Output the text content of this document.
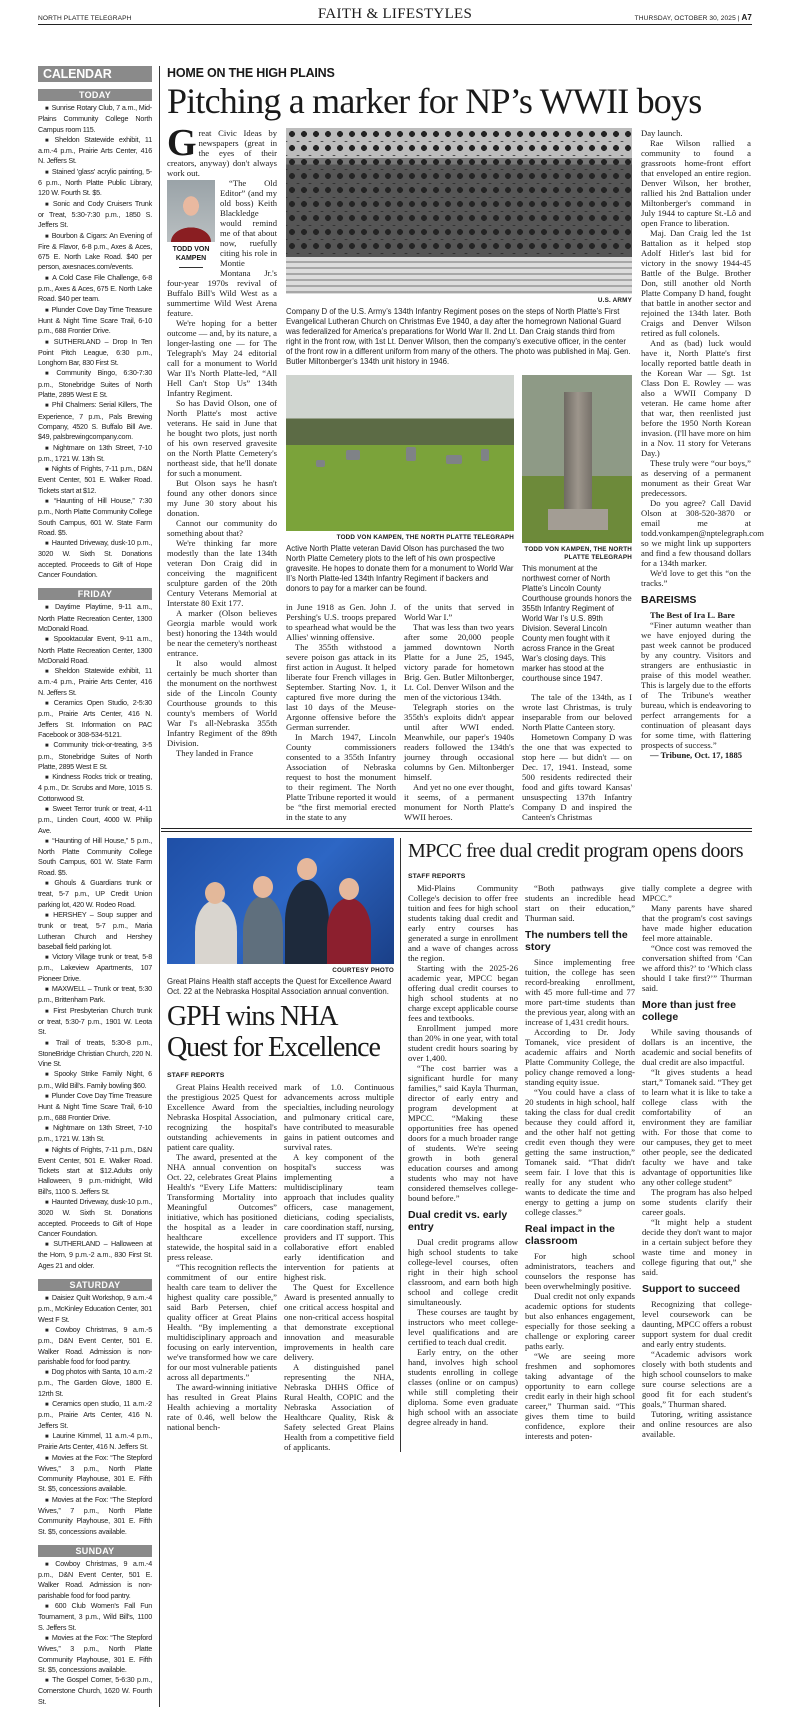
NORTH PLATTE TELEGRAPH	FAITH & LIFESTYLES	THURSDAY, OCTOBER 30, 2025 | A7
CALENDAR
TODAY

■ Sunrise Rotary Club, 7 a.m., Mid-Plains Community College North Campus room 115.

■ Sheldon Statewide exhibit, 11 a.m.-4 p.m., Prairie Arts Center, 416 N. Jeffers St.

■ Stained 'glass' acrylic painting, 5-6 p.m., North Platte Public Library, 120 W. Fourth St. $5.

■ Sonic and Cody Cruisers Trunk or Treat, 5:30-7:30 p.m., 1850 S. Jeffers St.

■ Bourbon & Cigars: An Evening of Fire & Flavor, 6-8 p.m., Axes & Aces, 675 E. North Lake Road. $40 per person, axesnaces.com/events.

■ A Cold Case File Challenge, 6-8 p.m., Axes & Aces, 675 E. North Lake Road. $40 per team.

■ Plunder Cove Day Time Treasure Hunt & Night Time Scare Trail, 6-10 p.m., 688 Frontier Drive.

■ SUTHERLAND – Drop In Ten Point Pitch League, 6:30 p.m., Longhorn Bar, 830 First St.

■ Community Bingo, 6:30-7:30 p.m., Stonebridge Suites of North Platte, 2895 West E St.

■ Phil Chalmers: Serial Killers, The Experience, 7 p.m., Pals Brewing Company, 4520 S. Buffalo Bill Ave. $49, palsbrewingcompany.com.

■ Nightmare on 13th Street, 7-10 p.m., 1721 W. 13th St.

■ Nights of Frights, 7-11 p.m., D&N Event Center, 501 E. Walker Road. Tickets start at $12.

■ “Haunting of Hill House,” 7:30 p.m., North Platte Community College South Campus, 601 W. State Farm Road. $5.

■ Haunted Driveway, dusk-10 p.m., 3020 W. Sixth St. Donations accepted. Proceeds to Gift of Hope Cancer Foundation.

FRIDAY

■ Daytime Playtime, 9-11 a.m., North Platte Recreation Center, 1300 McDonald Road.

■ Spooktacular Event, 9-11 a.m., North Platte Recreation Center, 1300 McDonald Road.

■ Sheldon Statewide exhibit, 11 a.m.-4 p.m., Prairie Arts Center, 416 N. Jeffers St.

■ Ceramics Open Studio, 2-5:30 p.m., Prairie Arts Center, 416 N. Jeffers St. Information on PAC Facebook or 308-534-5121.

■ Community trick-or-treating, 3-5 p.m., Stonebridge Suites of North Platte, 2895 West E St.

■ Kindness Rocks trick or treating, 4 p.m., Dr. Scrubs and More, 1015 S. Cottonwood St.

■ Sweet Terror trunk or treat, 4-11 p.m., Linden Court, 4000 W. Philip Ave.

■ “Haunting of Hill House,” 5 p.m., North Platte Community College South Campus, 601 W. State Farm Road. $5.

■ Ghouls & Guardians trunk or treat, 5-7 p.m., UP Credit Union parking lot, 420 W. Rodeo Road.

■ HERSHEY – Soup supper and trunk or treat, 5-7 p.m., Maria Lutheran Church and Hershey baseball field parking lot.

■ Victory Village trunk or treat, 5-8 p.m., Lakeview Apartments, 107 Pioneer Drive.

■ MAXWELL – Trunk or treat, 5:30 p.m., Brittenham Park.

■ First Presbyterian Church trunk or treat, 5:30-7 p.m., 1901 W. Leota St.

■ Trail of treats, 5:30-8 p.m., StoneBridge Christian Church, 220 N. Vine St.

■ Spooky Strike Family Night, 6 p.m., Wild Bill's. Family bowling $60.

■ Plunder Cove Day Time Treasure Hunt & Night Time Scare Trail, 6-10 p.m., 688 Frontier Drive.

■ Nightmare on 13th Street, 7-10 p.m., 1721 W. 13th St.

■ Nights of Frights, 7-11 p.m., D&N Event Center, 501 E. Walker Road. Tickets start at $12.Adults only Halloween, 9 p.m.-midnight, Wild Bill's, 1100 S. Jeffers St.

■ Haunted Driveway, dusk-10 p.m., 3020 W. Sixth St. Donations accepted. Proceeds to Gift of Hope Cancer Foundation.

■ SUTHERLAND – Halloween at the Horn, 9 p.m.-2 a.m., 830 First St. Ages 21 and older.

SATURDAY

■ Daisiez Quilt Workshop, 9 a.m.-4 p.m., McKinley Education Center, 301 West F St.

■ Cowboy Christmas, 9 a.m.-5 p.m., D&N Event Center, 501 E. Walker Road. Admission is non-parishable food for food pantry.

■ Dog photos with Santa, 10 a.m.-2 p.m., The Garden Glove, 1800 E. 12rth St.

■ Ceramics open studio, 11 a.m.-2 p.m., Prairie Arts Center, 416 N. Jeffers St.

■ Laurine Kimmel, 11 a.m.-4 p.m., Prairie Arts Center, 416 N. Jeffers St.

■ Movies at the Fox: “The Stepford Wives,” 3 p.m., North Platte Community Playhouse, 301 E. Fifth St. $5, concessions available.

■ Movies at the Fox: “The Stepford Wives,” 7 p.m., North Platte Community Playhouse, 301 E. Fifth St. $5, concessions available.

SUNDAY

■ Cowboy Christmas, 9 a.m.-4 p.m., D&N Event Center, 501 E. Walker Road. Admission is non-parishable food for food pantry.

■ 600 Club Women's Fall Fun Tournament, 3 p.m., Wild Bill's, 1100 S. Jeffers St.

■ Movies at the Fox: “The Stepford Wives,” 3 p.m., North Platte Community Playhouse, 301 E. Fifth St. $5, concessions available.

■ The Gospel Corner, 5-6:30 p.m., Cornerstone Church, 1620 W. Fourth St.

HOME ON THE HIGH PLAINS
Pitching a marker for NP’s WWII boys

Great Civic Ideas by newspapers (great in the eyes of their creators, anyway) don't always work out.

TODD VON KAMPEN

“The Old Editor” (and my old boss) Keith Blackledge would remind me of that about now, ruefully citing his role in Montie Montana Jr.'s four-year 1970s revival of Buffalo Bill's Wild West as a summertime Wild West Arena feature.

We're hoping for a better outcome — and, by its nature, a longer-lasting one — for The Telegraph's May 24 editorial call for a monument to World War II's North Platte-led, “All Hell Can't Stop Us” 134th Infantry Regiment.

So has David Olson, one of North Platte's most active veterans. He said in June that he bought two plots, just north of his own reserved gravesite on the North Platte Cemetery's northeast side, that he'll donate for such a monument.

But Olson says he hasn't found any other donors since my June 30 story about his donation.

Cannot our community do something about that?

We're thinking far more modestly than the late 134th veteran Don Craig did in conceiving the magnificent sculpture garden of the 20th Century Veterans Memorial at Interstate 80 Exit 177.

A marker (Olson believes Georgia marble would work best) honoring the 134th would be near the cemetery's northeast entrance.

It also would almost certainly be much shorter than the monument on the northwest side of the Lincoln County Courthouse grounds to this county's members of World War I's all-Nebraska 355th Infantry Regiment of the 89th Division.

They landed in France

U.S. ARMY
Company D of the U.S. Army’s 134th Infantry Regiment poses on the steps of North Platte’s First Evangelical Lutheran Church on Christmas Eve 1940, a day after the homegrown National Guard was federalized for America’s preparations for World War II. 2nd Lt. Dan Craig stands third from right in the front row, with 1st Lt. Denver Wilson, then the company’s executive officer, in the center of the front row in a different uniform from many of the others. The photo was published in Maj. Gen. Butler Miltonberger’s 134th unit history in 1946.
TODD VON KAMPEN, THE NORTH PLATTE TELEGRAPH
Active North Platte veteran David Olson has purchased the two North Platte Cemetery plots to the left of his own prospective gravesite. He hopes to donate them for a monument to World War II’s North Platte-led 134th Infantry Regiment if backers and donors to pay for a marker can be found.

in June 1918 as Gen. John J. Pershing's U.S. troops prepared to spearhead what would be the Allies' winning offensive.

The 355th withstood a severe poison gas attack in its first action in August. It helped liberate four French villages in September. Starting Nov. 1, it captured five more during the last 10 days of the Meuse-Argonne offensive before the German surrender.

In March 1947, Lincoln County commissioners consented to a 355th Infantry Association of Nebraska request to host the monument to their regiment. The North Platte Tribune reported it would be “the first memorial erected in the state to any

of the units that served in World War I.”

That was less than two years after some 20,000 people jammed downtown North Platte for a June 25, 1945, victory parade for hometown Brig. Gen. Butler Miltonberger, Lt. Col. Denver Wilson and the men of the victorious 134th.

Telegraph stories on the 355th's exploits didn't appear until after WWI ended. Meanwhile, our paper's 1940s readers followed the 134th's journey through occasional columns by Gen. Miltonberger himself.

And yet no one ever thought, it seems, of a permanent monument for North Platte's WWII heroes.

TODD VON KAMPEN, THE NORTH PLATTE TELEGRAPH
This monument at the northwest corner of North Platte’s Lincoln County Courthouse grounds honors the 355th Infantry Regiment of World War I’s U.S. 89th Division. Several Lincoln County men fought with it across France in the Great War’s closing days. This marker has stood at the courthouse since 1947.

The tale of the 134th, as I wrote last Christmas, is truly inseparable from our beloved North Platte Canteen story.

Hometown Company D was the one that was expected to stop here — but didn't — on Dec. 17, 1941. Instead, some 500 residents redirected their food and gifts toward Kansas' unsuspecting 137th Infantry Company D and inspired the Canteen's Christmas

Day launch.

Rae Wilson rallied a community to found a grassroots home-front effort that enveloped an entire region. Denver Wilson, her brother, rallied his 2nd Battalion under Miltonberger's command in July 1944 to capture St.-Lô and open France to liberation.

Maj. Dan Craig led the 1st Battalion as it helped stop Adolf Hitler's last bid for victory in the snowy 1944-45 Battle of the Bulge. Brother Don, still another old North Platte Company D hand, fought that battle in another sector and rejoined the 134th later. Both Craigs and Denver Wilson retired as full colonels.

And as (bad) luck would have it, North Platte's first locally reported battle death in the Korean War — Sgt. 1st Class Don E. Rowley — was also a WWII Company D veteran. He came home after that war, then reenlisted just before the 1950 North Korean invasion. (I'll have more on him in a Nov. 11 story for Veterans Day.)

These truly were “our boys,” as deserving of a permanent monument as their Great War predecessors.

Do you agree? Call David Olson at 308-520-3870 or email me at todd.vonkampen@nptelegraph.com so we might link up supporters and find a few thousand dollars for a 134th marker.

We'd love to get this “on the tracks.”

BAREISMS

The Best of Ira L. Bare

“Finer autumn weather than we have enjoyed during the past week cannot be produced by any country. Visitors and strangers are enthusiastic in praise of this model weather. This is largely due to the efforts of The Tribune's weather bureau, which is endeavoring to perfect arrangements for a continuation of pleasant days for some time, with flattering prospects of success.”

— Tribune, Oct. 17, 1885

COURTESY PHOTO
Great Plains Health staff accepts the Quest for Excellence Award Oct. 22 at the Nebraska Hospital Association annual convention.
GPH wins NHA Quest for Excellence
STAFF REPORTS

Great Plains Health received the prestigious 2025 Quest for Excellence Award from the Nebraska Hospital Association, recognizing the hospital's outstanding achievements in patient care quality.

The award, presented at the NHA annual convention on Oct. 22, celebrates Great Plains Health's “Every Life Matters: Transforming Mortality into Meaningful Outcomes” initiative, which has positioned the hospital as a leader in healthcare excellence statewide, the hospital said in a press release.

“This recognition reflects the commitment of our entire health care team to deliver the highest quality care possible,” said Barb Petersen, chief quality officer at Great Plains Health. “By implementing a multidisciplinary approach and focusing on early intervention, we've transformed how we care for our most vulnerable patients across all departments.”

The award-winning initiative has resulted in Great Plains Health achieving a mortality rate of 0.46, well below the national bench-

mark of 1.0. Continuous advancements across multiple specialties, including neurology and pulmonary critical care, have contributed to measurable gains in patient outcomes and survival rates.

A key component of the hospital's success was implementing a multidisciplinary team approach that includes quality officers, case management, dieticians, coding specialists, care coordination staff, nursing, providers and IT support. This collaborative effort enabled early identification and intervention for patients at highest risk.

The Quest for Excellence Award is presented annually to one critical access hospital and one non-critical access hospital that demonstrate exceptional innovation and measurable improvements in health care delivery.

A distinguished panel representing the NHA, Nebraska DHHS Office of Rural Health, COPIC and the Nebraska Association of Healthcare Quality, Risk & Safety selected Great Plains Health from a competitive field of applicants.

MPCC free dual credit program opens doors
STAFF REPORTS

Mid-Plains Community College's decision to offer free tuition and fees for high school students taking dual credit and early entry courses has generated a surge in enrollment and a wave of changes across the region.

Starting with the 2025-26 academic year, MPCC began offering dual credit courses to high school students at no charge except applicable course fees and textbooks.

Enrollment jumped more than 20% in one year, with total student credit hours soaring by over 1,400.

“The cost barrier was a significant hurdle for many families,” said Kayla Thurman, director of early entry and program development at MPCC. “Making these opportunities free has opened doors for a much broader range of students. We're seeing growth in both general education courses and among students who may not have considered themselves college-bound before.”

Dual credit vs. early entry

Dual credit programs allow high school students to take college-level courses, often right in their high school classroom, and earn both high school and college credit simultaneously.

These courses are taught by instructors who meet college-level qualifications and are certified to teach dual credit.

Early entry, on the other hand, involves high school students enrolling in college classes (online or on campus) while still completing their diploma. Some even graduate high school with an associate degree already in hand.

“Both pathways give students an incredible head start on their education,” Thurman said.

The numbers tell the story

Since implementing free tuition, the college has seen record-breaking enrollment, with 45 more full-time and 77 more part-time students than the previous year, along with an increase of 1,431 credit hours.

According to Dr. Jody Tomanek, vice president of academic affairs and North Platte Community College, the policy change removed a long-standing equity issue.

“You could have a class of 20 students in high school, half taking the class for dual credit because they could afford it, and the other half not getting credit even though they were getting the same instruction,” Tomanek said. “That didn't seem fair. I love that this is really for any student who wants to dedicate the time and energy to getting a jump on college classes.”

Real impact in the classroom

For high school administrators, teachers and counselors the response has been overwhelmingly positive.

Dual credit not only expands academic options for students but also enhances engagement, especially for those seeking a challenge or exploring career paths early.

“We are seeing more freshmen and sophomores taking advantage of the opportunity to earn college credit early in their high school career,” Thurman said. “This gives them time to build confidence, explore their interests and poten-

tially complete a degree with MPCC.”

Many parents have shared that the program's cost savings have made higher education feel more attainable.

“Once cost was removed the conversation shifted from ‘Can we afford this?’ to ‘Which class should I take first?’” Thurman said.

More than just free college

While saving thousands of dollars is an incentive, the academic and social benefits of dual credit are also impactful.

“It gives students a head start,” Tomanek said. “They get to learn what it is like to take a college class with the comfortability of an environment they are familiar with. For those that come to our campuses, they get to meet other people, see the dedicated faculty we have and take advantage of opportunities like any other college student”

The program has also helped some students clarify their career goals.

“It might help a student decide they don't want to major in a certain subject before they waste time and money in college figuring that out,” she said.

Support to succeed

Recognizing that college-level coursework can be daunting, MPCC offers a robust support system for dual credit and early entry students.

“Academic advisors work closely with both students and high school counselors to make sure course selections are a good fit for each student's goals,” Thurman shared.

Tutoring, writing assistance and online resources are also available.
